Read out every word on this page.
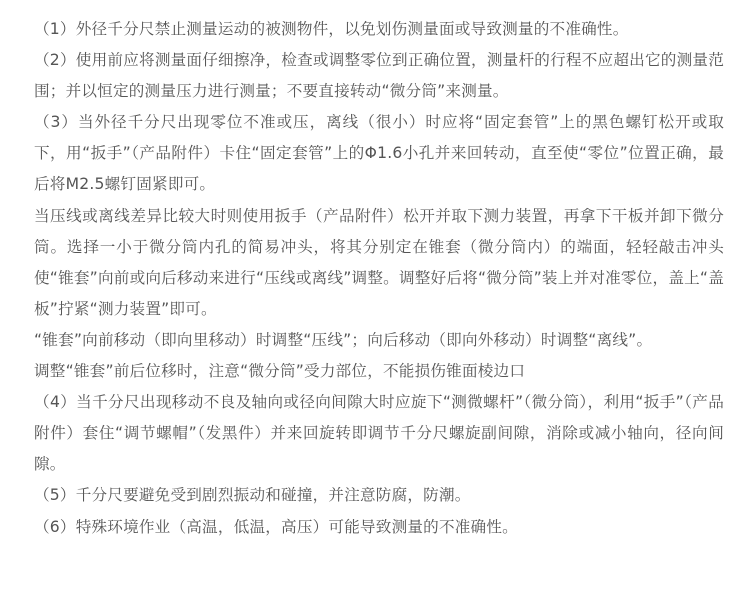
（1）外径千分尺禁止测量运动的被测物件，以免划伤测量面或导致测量的不准确性。

（2）使用前应将测量面仔细擦净，检查或调整零位到正确位置，测量杆的行程不应超出它的测量范围；并以恒定的测量压力进行测量；不要直接转动“微分筒”来测量。

（3）当外径千分尺出现零位不准或压，离线（很小）时应将“固定套管”上的黑色螺钉松开或取下，用“扳手”（产品附件）卡住“固定套管”上的Φ1.6小孔并来回转动，直至使“零位”位置正确，最后将M2.5螺钉固紧即可。

当压线或离线差异比较大时则使用扳手（产品附件）松开并取下测力装置，再拿下干板并卸下微分筒。选择一小于微分筒内孔的简易冲头，将其分别定在锥套（微分筒内）的端面，轻轻敲击冲头使“锥套”向前或向后移动来进行“压线或离线”调整。调整好后将“微分筒”装上并对准零位，盖上“盖板”拧紧“测力装置”即可。

“锥套”向前移动（即向里移动）时调整“压线”；向后移动（即向外移动）时调整“离线”。

调整“锥套”前后位移时，注意“微分筒”受力部位，不能损伤锥面棱边口

（4）当千分尺出现移动不良及轴向或径向间隙大时应旋下“测微螺杆”（微分筒），利用“扳手”（产品附件）套住“调节螺帽”（发黑件）并来回旋转即调节千分尺螺旋副间隙，消除或减小轴向，径向间隙。

（5）千分尺要避免受到剧烈振动和碰撞，并注意防腐，防潮。

（6）特殊环境作业（高温，低温，高压）可能导致测量的不准确性。
